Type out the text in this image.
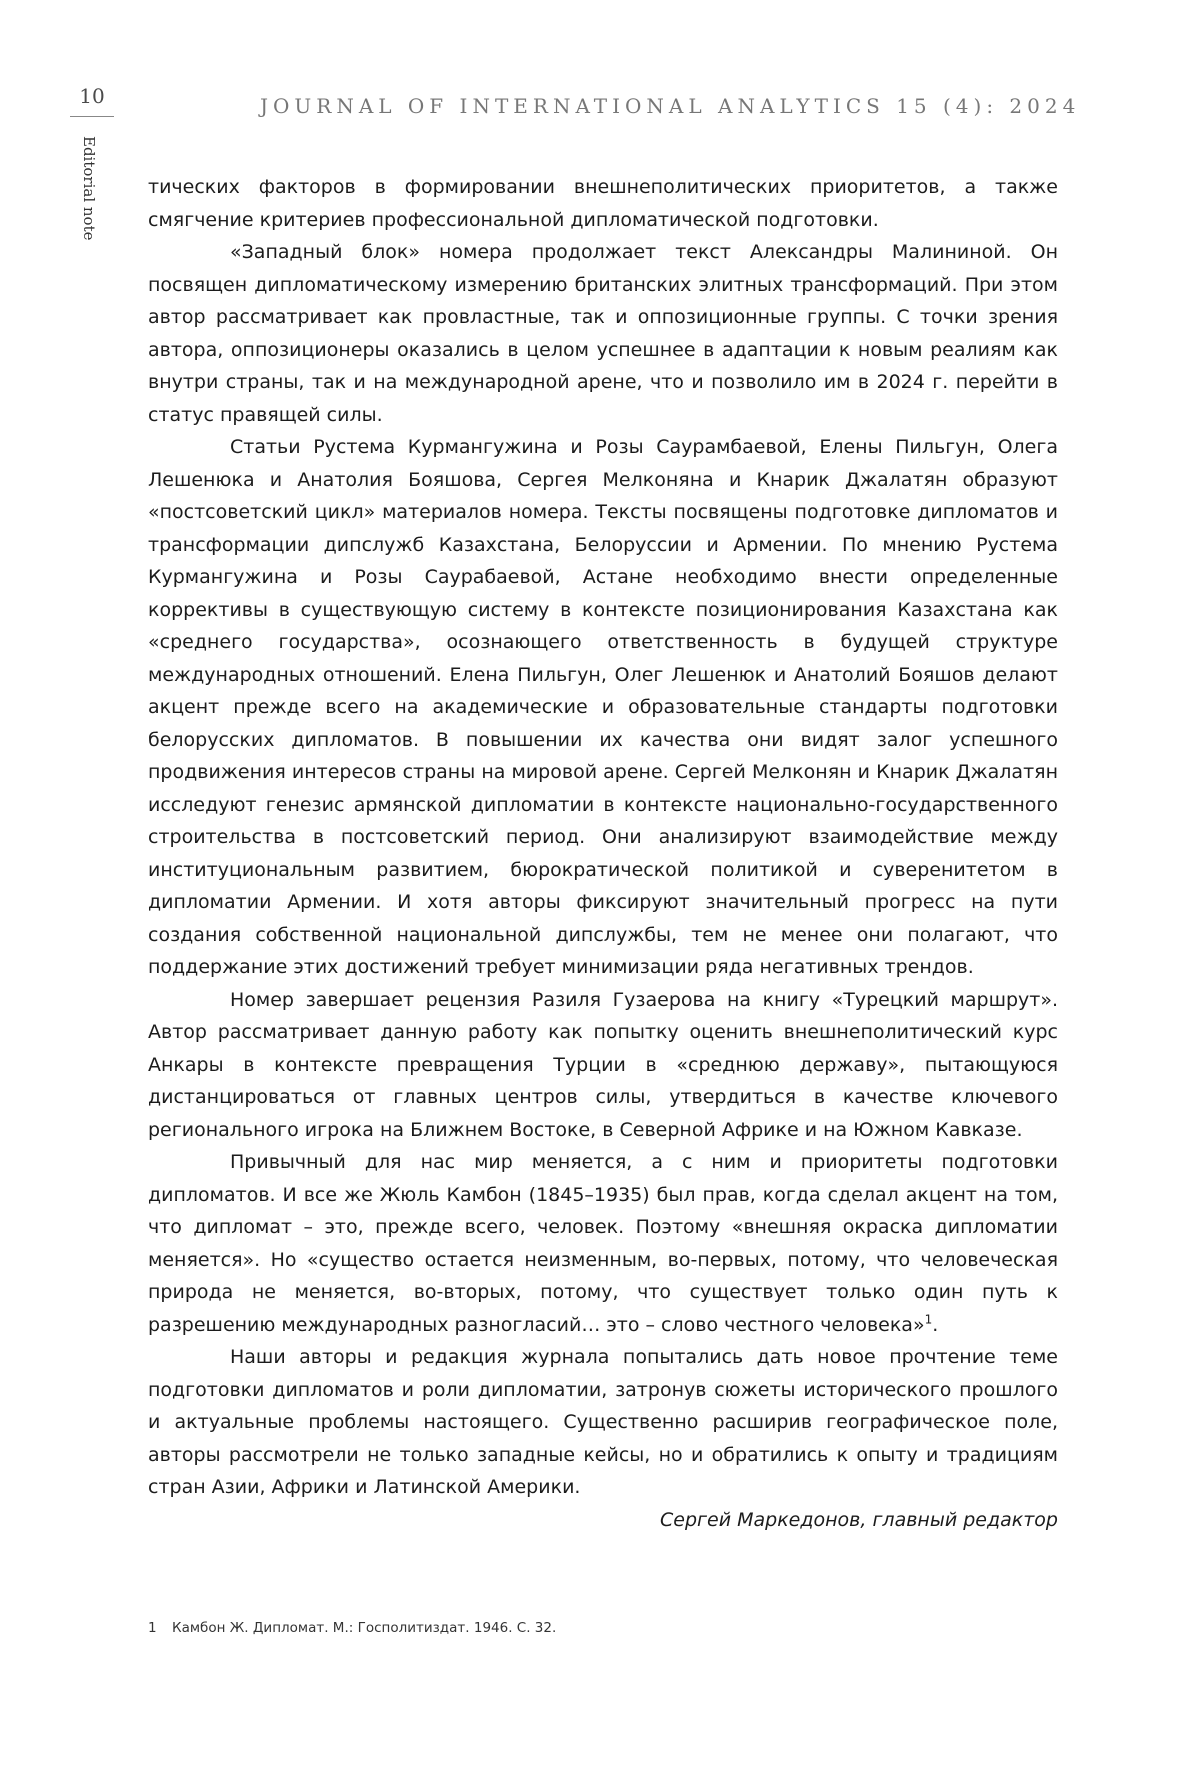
10	JOURNAL OF INTERNATIONAL ANALYTICS 15 (4): 2024
Editorial note	тических факторов в формировании внешнеполитических приоритетов, а также смягчение критериев профессиональной дипломатической подготовки.

«Западный блок» номера продолжает текст Александры Малининой. Он посвящен дипломатическому измерению британских элитных трансформаций. При этом автор рассматривает как провластные, так и оппозиционные группы. С точки зрения автора, оппозиционеры оказались в целом успешнее в адаптации к новым реалиям как внутри страны, так и на международной арене, что и позволило им в 2024 г. перейти в статус правящей силы.

Статьи Рустема Курмангужина и Розы Саурамбаевой, Елены Пильгун, Олега Лешенюка и Анатолия Бояшова, Сергея Мелконяна и Кнарик Джалатян образуют «постсоветский цикл» материалов номера. Тексты посвящены подготовке дипломатов и трансформации дипслужб Казахстана, Белоруссии и Армении. По мнению Рустема Курмангужина и Розы Саурабаевой, Астане необходимо внести определенные коррективы в существующую систему в контексте позиционирования Казахстана как «среднего государства», осознающего ответственность в будущей структуре международных отношений. Елена Пильгун, Олег Лешенюк и Анатолий Бояшов делают акцент прежде всего на академические и образовательные стандарты подготовки белорусских дипломатов. В повышении их качества они видят залог успешного продвижения интересов страны на мировой арене. Сергей Мелконян и Кнарик Джалатян исследуют генезис армянской дипломатии в контексте национально-государственного строительства в постсоветский период. Они анализируют взаимодействие между институциональным развитием, бюрократической политикой и суверенитетом в дипломатии Армении. И хотя авторы фиксируют значительный прогресс на пути создания собственной национальной дипслужбы, тем не менее они полагают, что поддержание этих достижений требует минимизации ряда негативных трендов.

Номер завершает рецензия Разиля Гузаерова на книгу «Турецкий маршрут». Автор рассматривает данную работу как попытку оценить внешнеполитический курс Анкары в контексте превращения Турции в «среднюю державу», пытающуюся дистанцироваться от главных центров силы, утвердиться в качестве ключевого регионального игрока на Ближнем Востоке, в Северной Африке и на Южном Кавказе.

Привычный для нас мир меняется, а с ним и приоритеты подготовки дипломатов. И все же Жюль Камбон (1845–1935) был прав, когда сделал акцент на том, что дипломат – это, прежде всего, человек. Поэтому «внешняя окраска дипломатии меняется». Но «существо остается неизменным, во-первых, потому, что человеческая природа не меняется, во-вторых, потому, что существует только один путь к разрешению международных разногласий… это – слово честного человека»$^1$.

Наши авторы и редакция журнала попытались дать новое прочтение теме подготовки дипломатов и роли дипломатии, затронув сюжеты исторического прошлого и актуальные проблемы настоящего. Существенно расширив географическое поле, авторы рассмотрели не только западные кейсы, но и обратились к опыту и традициям стран Азии, Африки и Латинской Америки.

Сергей Маркедонов, главный редактор

1 Камбон Ж. Дипломат. М.: Госполитиздат. 1946. С. 32.
